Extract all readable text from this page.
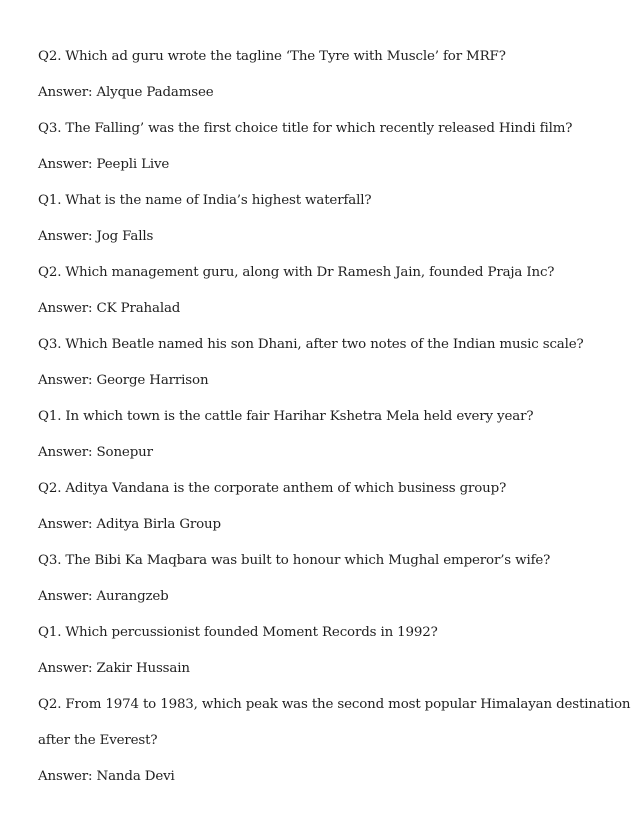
Q2. Which ad guru wrote the tagline ‘The Tyre with Muscle’ for MRF?
Answer: Alyque Padamsee
Q3. The Falling’ was the first choice title for which recently released Hindi film?
Answer: Peepli Live
Q1. What is the name of India’s highest waterfall?
Answer: Jog Falls
Q2. Which management guru, along with Dr Ramesh Jain, founded Praja Inc?
Answer: CK Prahalad
Q3. Which Beatle named his son Dhani, after two notes of the Indian music scale?
Answer: George Harrison
Q1. In which town is the cattle fair Harihar Kshetra Mela held every year?
Answer: Sonepur
Q2. Aditya Vandana is the corporate anthem of which business group?
Answer: Aditya Birla Group
Q3. The Bibi Ka Maqbara was built to honour which Mughal emperor’s wife?
Answer: Aurangzeb
Q1. Which percussionist founded Moment Records in 1992?
Answer: Zakir Hussain
Q2. From 1974 to 1983, which peak was the second most popular Himalayan destination
after the Everest?
Answer: Nanda Devi
